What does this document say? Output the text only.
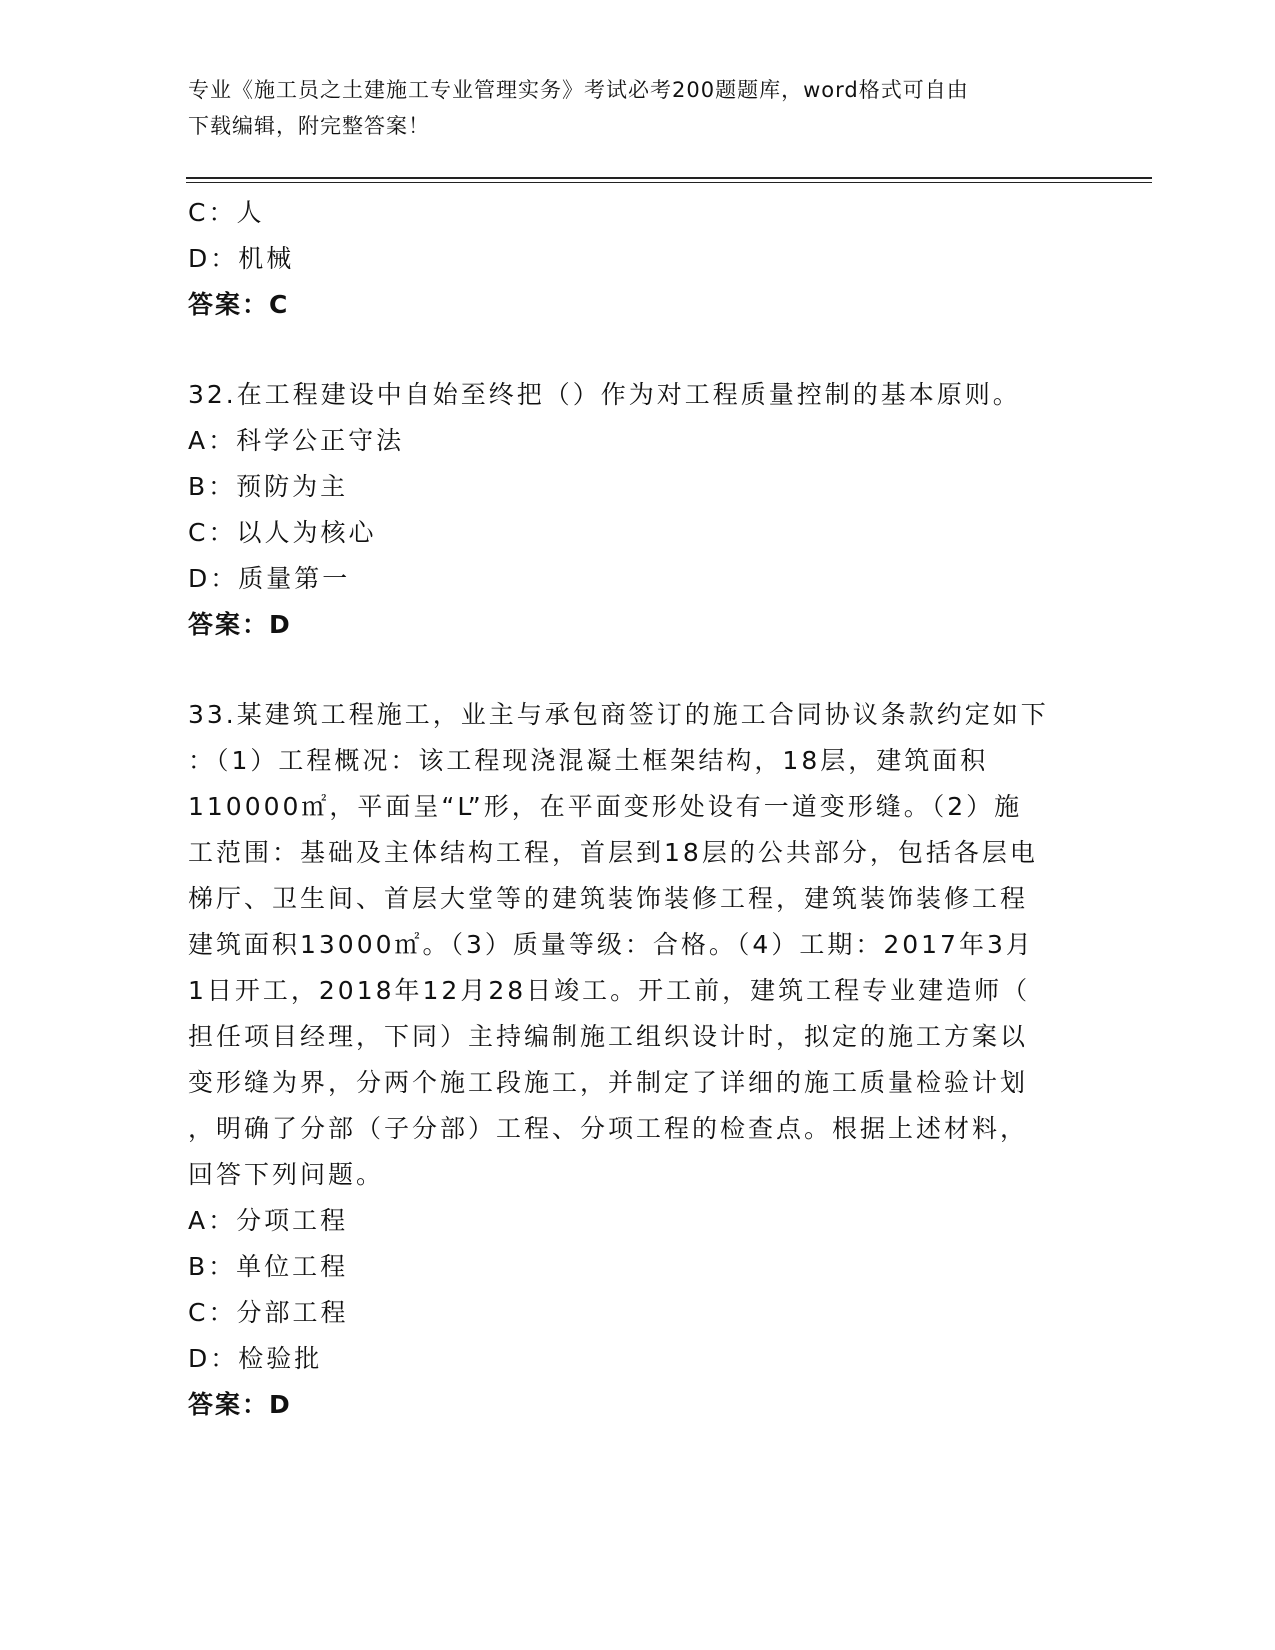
专业《施工员之土建施工专业管理实务》考试必考200题题库，word格式可自由
下载编辑，附完整答案！
C：人
D：机械
答案：C
32.在工程建设中自始至终把（）作为对工程质量控制的基本原则。
A：科学公正守法
B：预防为主
C：以人为核心
D：质量第一
答案：D
33.某建筑工程施工，业主与承包商签订的施工合同协议条款约定如下
：（1）工程概况：该工程现浇混凝土框架结构，18层，建筑面积
110000㎡，平面呈“L”形，在平面变形处设有一道变形缝。（2）施
工范围：基础及主体结构工程，首层到18层的公共部分，包括各层电
梯厅、卫生间、首层大堂等的建筑装饰装修工程，建筑装饰装修工程
建筑面积13000㎡。（3）质量等级：合格。（4）工期：2017年3月
1日开工，2018年12月28日竣工。开工前，建筑工程专业建造师（
担任项目经理，下同）主持编制施工组织设计时，拟定的施工方案以
变形缝为界，分两个施工段施工，并制定了详细的施工质量检验计划
，明确了分部（子分部）工程、分项工程的检查点。根据上述材料，
回答下列问题。
A：分项工程
B：单位工程
C：分部工程
D：检验批
答案：D
